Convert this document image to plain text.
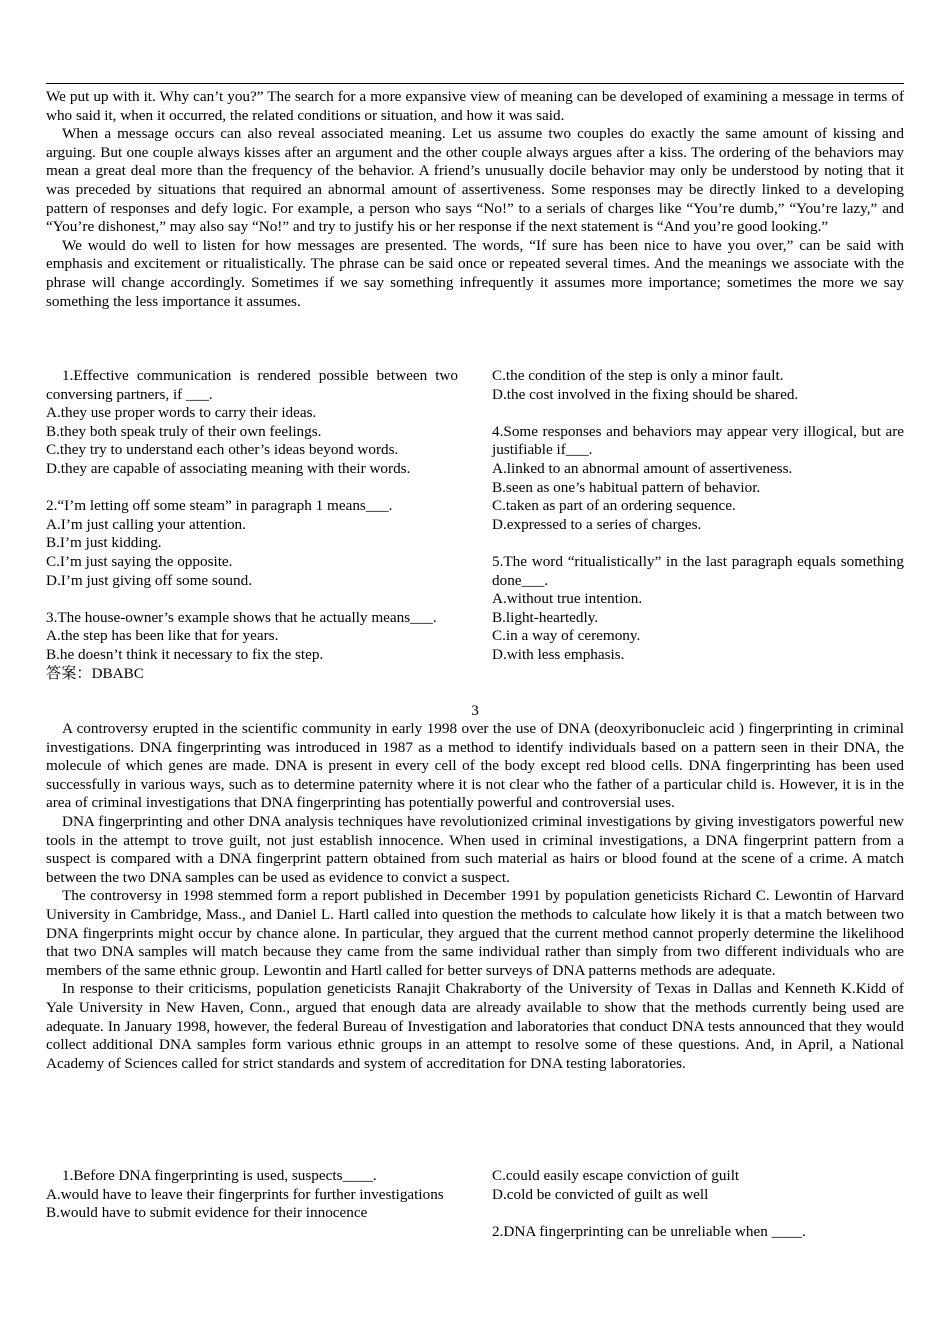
We put up with it. Why can’t you?” The search for a more expansive view of meaning can be developed of examining a message in terms of who said it, when it occurred, the related conditions or situation, and how it was said.

When a message occurs can also reveal associated meaning. Let us assume two couples do exactly the same amount of kissing and arguing. But one couple always kisses after an argument and the other couple always argues after a kiss. The ordering of the behaviors may mean a great deal more than the frequency of the behavior. A friend’s unusually docile behavior may only be understood by noting that it was preceded by situations that required an abnormal amount of assertiveness. Some responses may be directly linked to a developing pattern of responses and defy logic. For example, a person who says “No!” to a serials of charges like “You’re dumb,” “You’re lazy,” and “You’re dishonest,” may also say “No!” and try to justify his or her response if the next statement is “And you’re good looking.”

We would do well to listen for how messages are presented. The words, “If sure has been nice to have you over,” can be said with emphasis and excitement or ritualistically. The phrase can be said once or repeated several times. And the meanings we associate with the phrase will change accordingly. Sometimes if we say something infrequently it assumes more importance; sometimes the more we say something the less importance it assumes.

1.Effective communication is rendered possible between two conversing partners, if ___.

A.they use proper words to carry their ideas.

B.they both speak truly of their own feelings.

C.they try to understand each other’s ideas beyond words.

D.they are capable of associating meaning with their words.

2.“I’m letting off some steam” in paragraph 1 means___.

A.I’m just calling your attention.

B.I’m just kidding.

C.I’m just saying the opposite.

D.I’m just giving off some sound.

3.The house-owner’s example shows that he actually means___.

A.the step has been like that for years.

B.he doesn’t think it necessary to fix the step.

答案：DBABC

C.the condition of the step is only a minor fault.

D.the cost involved in the fixing should be shared.

4.Some responses and behaviors may appear very illogical, but are justifiable if___.

A.linked to an abnormal amount of assertiveness.

B.seen as one’s habitual pattern of behavior.

C.taken as part of an ordering sequence.

D.expressed to a series of charges.

5.The word “ritualistically” in the last paragraph equals something done___.

A.without true intention.

B.light-heartedly.

C.in a way of ceremony.

D.with less emphasis.

3

A controversy erupted in the scientific community in early 1998 over the use of DNA (deoxyribonucleic acid ) fingerprinting in criminal investigations. DNA fingerprinting was introduced in 1987 as a method to identify individuals based on a pattern seen in their DNA, the molecule of which genes are made. DNA is present in every cell of the body except red blood cells. DNA fingerprinting has been used successfully in various ways, such as to determine paternity where it is not clear who the father of a particular child is. However, it is in the area of criminal investigations that DNA fingerprinting has potentially powerful and controversial uses.

DNA fingerprinting and other DNA analysis techniques have revolutionized criminal investigations by giving investigators powerful new tools in the attempt to trove guilt, not just establish innocence. When used in criminal investigations, a DNA fingerprint pattern from a suspect is compared with a DNA fingerprint pattern obtained from such material as hairs or blood found at the scene of a crime. A match between the two DNA samples can be used as evidence to convict a suspect.

The controversy in 1998 stemmed form a report published in December 1991 by population geneticists Richard C. Lewontin of Harvard University in Cambridge, Mass., and Daniel L. Hartl called into question the methods to calculate how likely it is that a match between two DNA fingerprints might occur by chance alone. In particular, they argued that the current method cannot properly determine the likelihood that two DNA samples will match because they came from the same individual rather than simply from two different individuals who are members of the same ethnic group. Lewontin and Hartl called for better surveys of DNA patterns methods are adequate.

In response to their criticisms, population geneticists Ranajit Chakraborty of the University of Texas in Dallas and Kenneth K.Kidd of Yale University in New Haven, Conn., argued that enough data are already available to show that the methods currently being used are adequate. In January 1998, however, the federal Bureau of Investigation and laboratories that conduct DNA tests announced that they would collect additional DNA samples form various ethnic groups in an attempt to resolve some of these questions. And, in April, a National Academy of Sciences called for strict standards and system of accreditation for DNA testing laboratories.

1.Before DNA fingerprinting is used, suspects____.

A.would have to leave their fingerprints for further investigations

B.would have to submit evidence for their innocence

C.could easily escape conviction of guilt

D.cold be convicted of guilt as well

2.DNA fingerprinting can be unreliable when ____.
